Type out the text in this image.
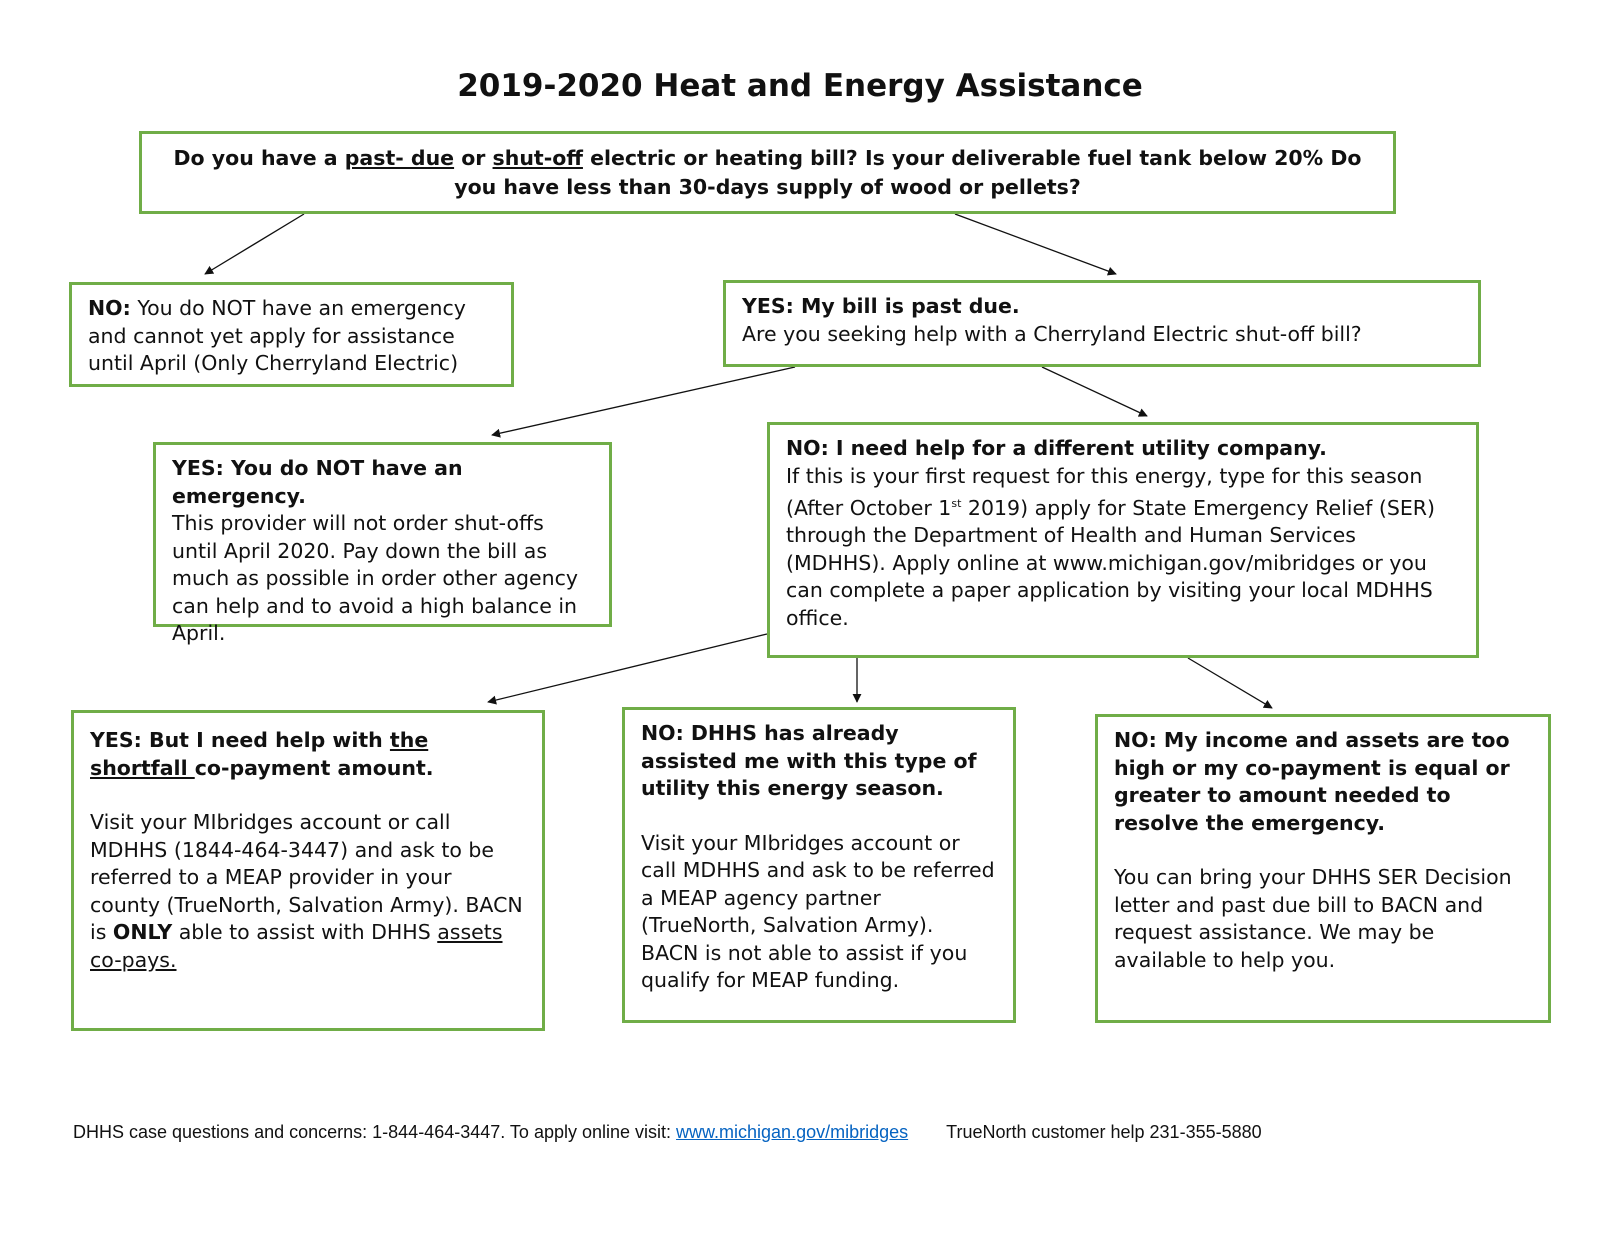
2019-2020 Heat and Energy Assistance
Do you have a past- due or shut-off electric or heating bill? Is your deliverable fuel tank below 20% Do you have less than 30-days supply of wood or pellets?
NO: You do NOT have an emergency and cannot yet apply for assistance until April (Only Cherryland Electric)
YES: My bill is past due.
Are you seeking help with a Cherryland Electric shut-off bill?
YES: You do NOT have an emergency.
This provider will not order shut-offs until April 2020. Pay down the bill as much as possible in order other agency can help and to avoid a high balance in April.
NO: I need help for a different utility company.
If this is your first request for this energy, type for this season (After October 1st 2019) apply for State Emergency Relief (SER) through the Department of Health and Human Services (MDHHS). Apply online at www.michigan.gov/mibridges or you can complete a paper application by visiting your local MDHHS office.
YES: But I need help with the shortfall co-payment amount.
Visit your MIbridges account or call MDHHS (1844-464-3447) and ask to be referred to a MEAP provider in your county (TrueNorth, Salvation Army). BACN is ONLY able to assist with DHHS assets co-pays.
NO: DHHS has already assisted me with this type of utility this energy season.
Visit your MIbridges account or call MDHHS and ask to be referred a MEAP agency partner (TrueNorth, Salvation Army). BACN is not able to assist if you qualify for MEAP funding.
NO: My income and assets are too high or my co-payment is equal or greater to amount needed to resolve the emergency.
You can bring your DHHS SER Decision letter and past due bill to BACN and request assistance. We may be available to help you.
DHHS case questions and concerns: 1-844-464-3447. To apply online visit: www.michigan.gov/mibridges TrueNorth customer help 231-355-5880
